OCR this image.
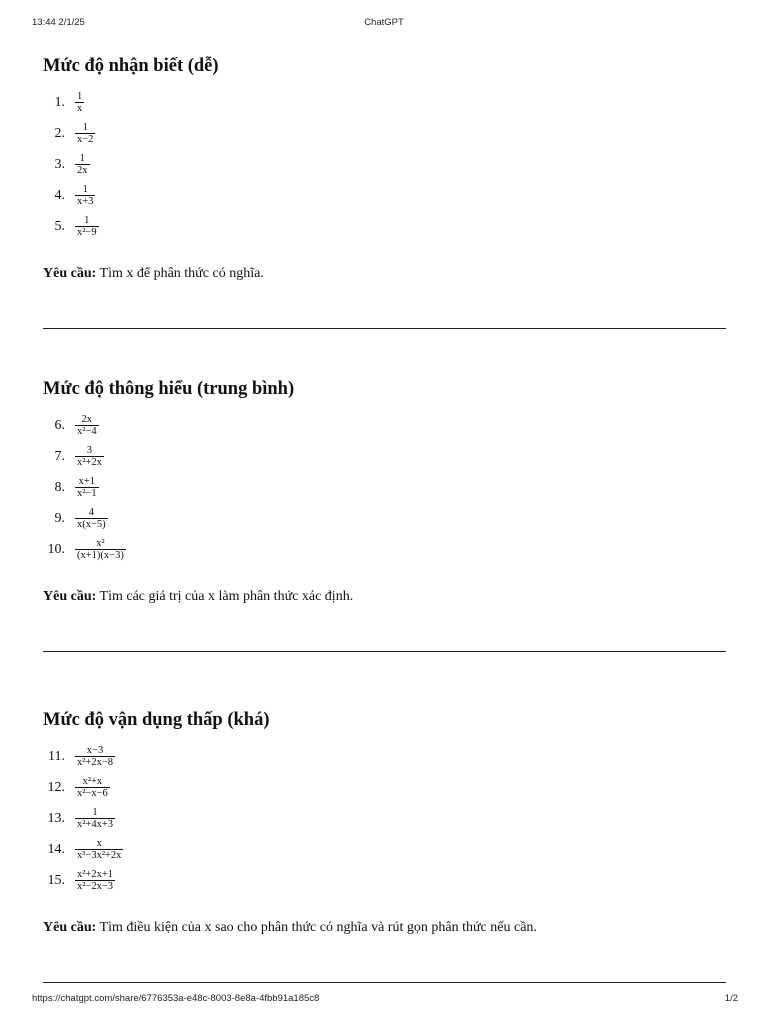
13:44 2/1/25	ChatGPT
Mức độ nhận biết (dễ)
1. $\frac{1}{x}$
2. $\frac{1}{x-2}$
3. $\frac{1}{2x}$
4. $\frac{1}{x+3}$
5. $\frac{1}{\text{x²−9}}$

Yêu cầu: Tìm x để phân thức có nghĩa.

Mức độ thông hiểu (trung bình)
6. $\frac{2x}{\text{x²−4}}$
7. $\frac{3}{\text{x²+2x}}$
8. $\frac{x+1}{\text{x²−1}}$
9. $\frac{4}{x(x-5)}$
10. $\frac{\text{x²}}{(x+1)(x-3)}$

Yêu cầu: Tìm các giá trị của x làm phân thức xác định.

Mức độ vận dụng thấp (khá)
11. $\frac{x-3}{\text{x²+2x−8}}$
12. $\frac{\text{x²+x}}{\text{x²−x−6}}$
13. $\frac{1}{\text{x²+4x+3}}$
14. $\frac{x}{\text{x³−3x²+2x}}$
15. $\frac{\text{x²+2x+1}}{\text{x²−2x−3}}$

Yêu cầu: Tìm điều kiện của x sao cho phân thức có nghĩa và rút gọn phân thức nếu cần.

https://chatgpt.com/share/6776353a-e48c-8003-8e8a-4fbb91a185c8	1/2
